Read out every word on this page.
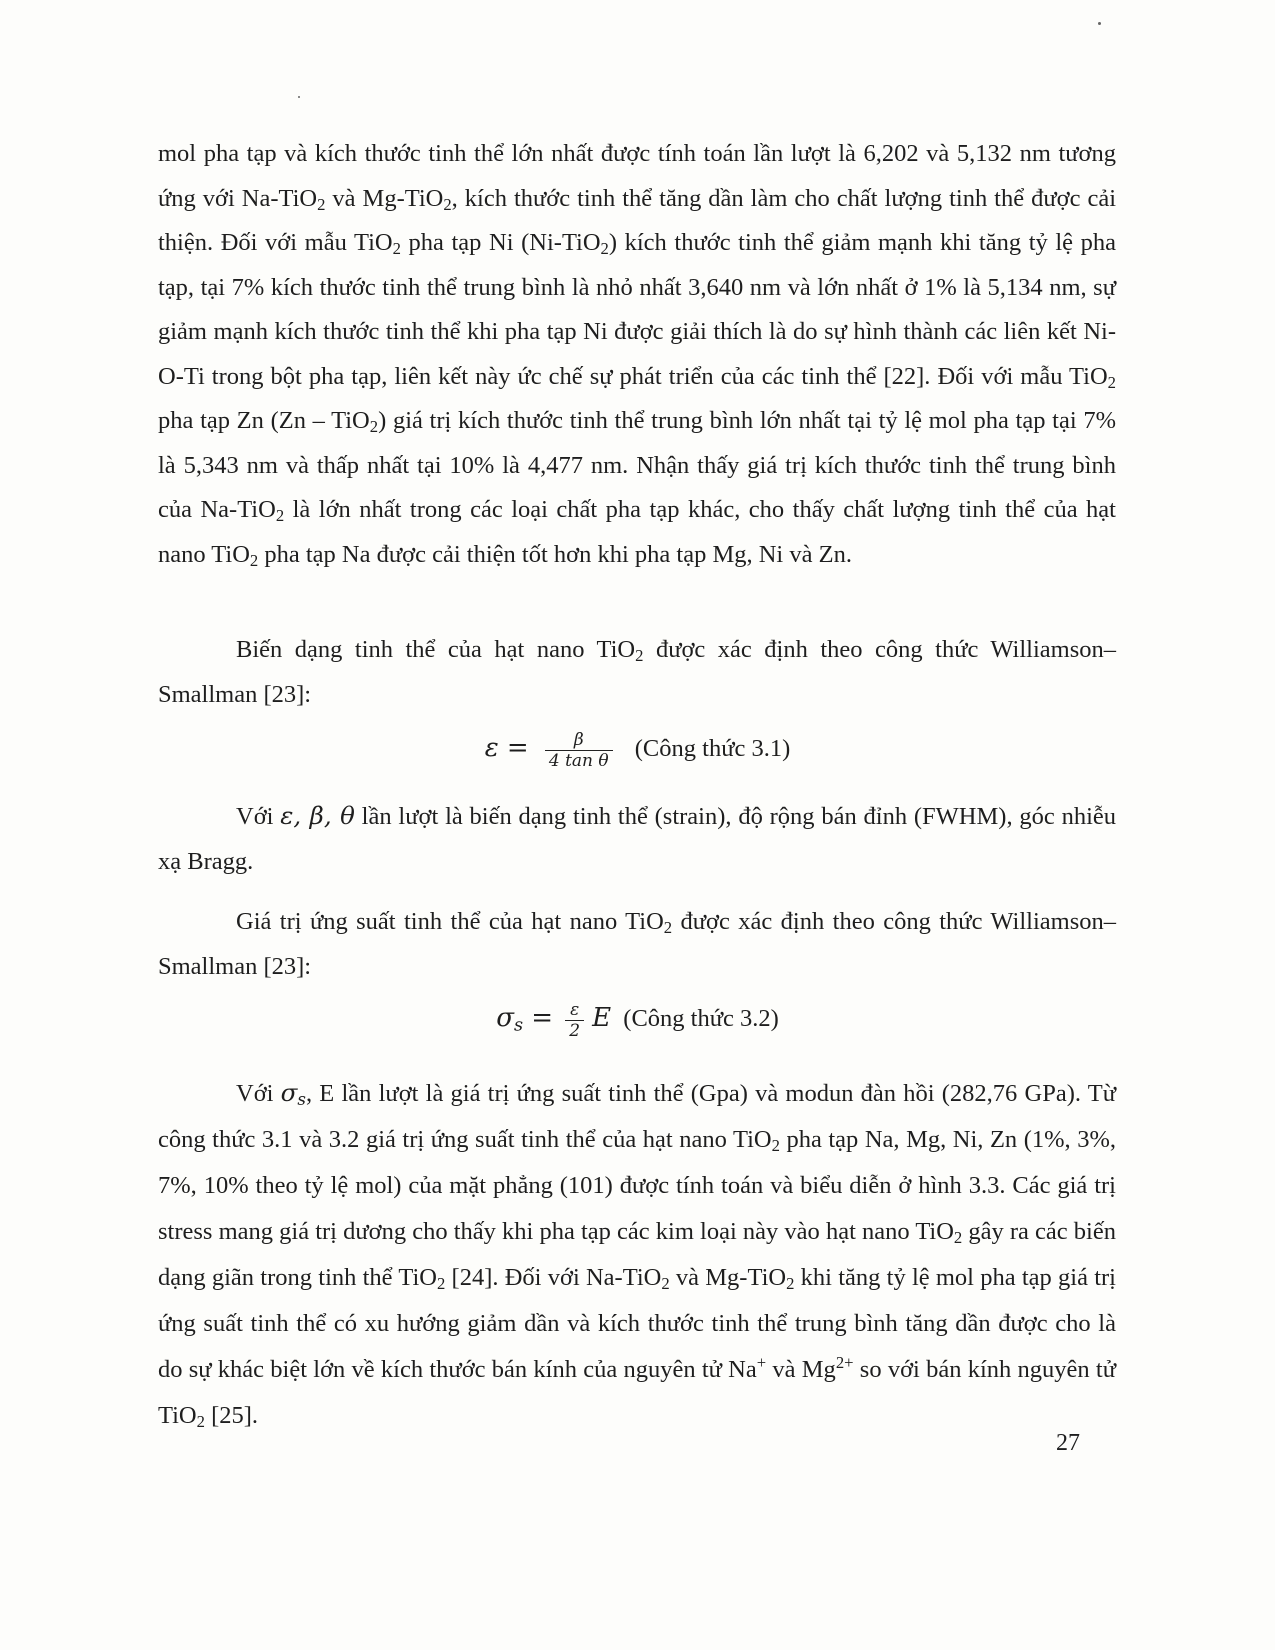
mol pha tạp và kích thước tinh thể lớn nhất được tính toán lần lượt là 6,202 và 5,132 nm tương ứng với Na-TiO$_2$ và Mg-TiO$_2$, kích thước tinh thể tăng dần làm cho chất lượng tinh thể được cải thiện. Đối với mẫu TiO$_2$ pha tạp Ni (Ni-TiO$_2$) kích thước tinh thể giảm mạnh khi tăng tỷ lệ pha tạp, tại 7% kích thước tinh thể trung bình là nhỏ nhất 3,640 nm và lớn nhất ở 1% là 5,134 nm, sự giảm mạnh kích thước tinh thể khi pha tạp Ni được giải thích là do sự hình thành các liên kết Ni-O-Ti trong bột pha tạp, liên kết này ức chế sự phát triển của các tinh thể [22]. Đối với mẫu TiO$_2$ pha tạp Zn (Zn – TiO$_2$) giá trị kích thước tinh thể trung bình lớn nhất tại tỷ lệ mol pha tạp tại 7% là 5,343 nm và thấp nhất tại 10% là 4,477 nm. Nhận thấy giá trị kích thước tinh thể trung bình của Na-TiO$_2$ là lớn nhất trong các loại chất pha tạp khác, cho thấy chất lượng tinh thể của hạt nano TiO$_2$ pha tạp Na được cải thiện tốt hơn khi pha tạp Mg, Ni và Zn.

Biến dạng tinh thể của hạt nano TiO$_2$ được xác định theo công thức Williamson–Smallman [23]:

$\varepsilon = \frac{\beta}{\text{4 tan θ}}$ (Công thức 3.1)

Với ε, β, θ lần lượt là biến dạng tinh thể (strain), độ rộng bán đỉnh (FWHM), góc nhiễu xạ Bragg.

Giá trị ứng suất tinh thể của hạt nano TiO$_2$ được xác định theo công thức Williamson–Smallman [23]:

$\sigma_s = \frac{\varepsilon}{2}$ E (Công thức 3.2)

Với $\sigma_s$, E lần lượt là giá trị ứng suất tinh thể (Gpa) và modun đàn hồi (282,76 GPa). Từ công thức 3.1 và 3.2 giá trị ứng suất tinh thể của hạt nano TiO$_2$ pha tạp Na, Mg, Ni, Zn (1%, 3%, 7%, 10% theo tỷ lệ mol) của mặt phẳng (101) được tính toán và biểu diễn ở hình 3.3. Các giá trị stress mang giá trị dương cho thấy khi pha tạp các kim loại này vào hạt nano TiO$_2$ gây ra các biến dạng giãn trong tinh thể TiO$_2$ [24]. Đối với Na-TiO$_2$ và Mg-TiO$_2$ khi tăng tỷ lệ mol pha tạp giá trị ứng suất tinh thể có xu hướng giảm dần và kích thước tinh thể trung bình tăng dần được cho là do sự khác biệt lớn về kích thước bán kính của nguyên tử Na+ và $Mg^{2+}$ so với bán kính nguyên tử TiO$_2$ [25].

27
